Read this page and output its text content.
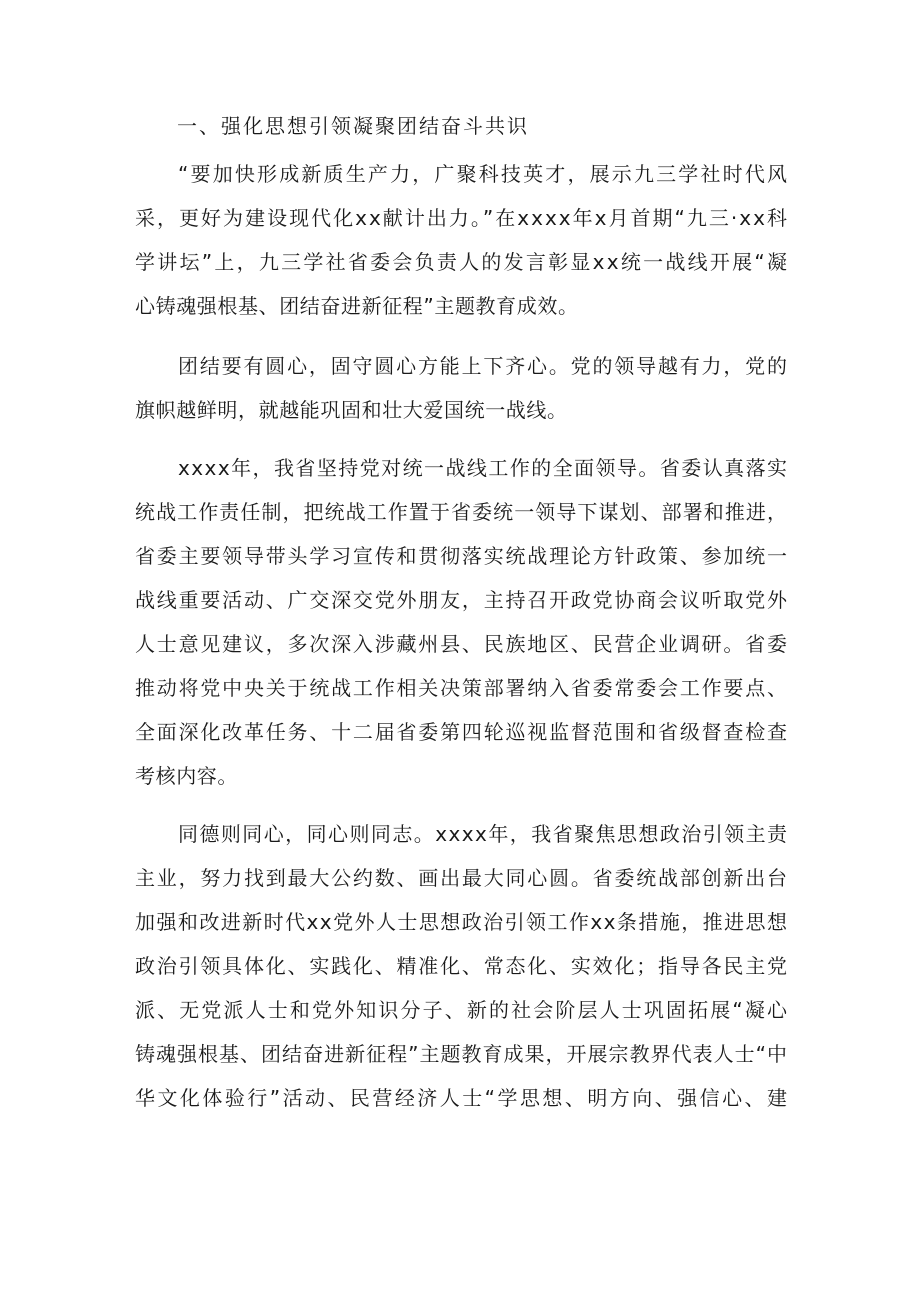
一、强化思想引领凝聚团结奋斗共识

“要加快形成新质生产力，广聚科技英才，展示九三学社时代风

采，更好为建设现代化xx献计出力。”在xxxx年x月首期“九三·xx科

学讲坛”上，九三学社省委会负责人的发言彰显xx统一战线开展“凝

心铸魂强根基、团结奋进新征程”主题教育成效。

团结要有圆心，固守圆心方能上下齐心。党的领导越有力，党的

旗帜越鲜明，就越能巩固和壮大爱国统一战线。

xxxx年，我省坚持党对统一战线工作的全面领导。省委认真落实

统战工作责任制，把统战工作置于省委统一领导下谋划、部署和推进，

省委主要领导带头学习宣传和贯彻落实统战理论方针政策、参加统一

战线重要活动、广交深交党外朋友，主持召开政党协商会议听取党外

人士意见建议，多次深入涉藏州县、民族地区、民营企业调研。省委

推动将党中央关于统战工作相关决策部署纳入省委常委会工作要点、

全面深化改革任务、十二届省委第四轮巡视监督范围和省级督查检查

考核内容。

同德则同心，同心则同志。xxxx年，我省聚焦思想政治引领主责

主业，努力找到最大公约数、画出最大同心圆。省委统战部创新出台

加强和改进新时代xx党外人士思想政治引领工作xx条措施，推进思想

政治引领具体化、实践化、精准化、常态化、实效化；指导各民主党

派、无党派人士和党外知识分子、新的社会阶层人士巩固拓展“凝心

铸魂强根基、团结奋进新征程”主题教育成果，开展宗教界代表人士“中

华文化体验行”活动、民营经济人士“学思想、明方向、强信心、建
